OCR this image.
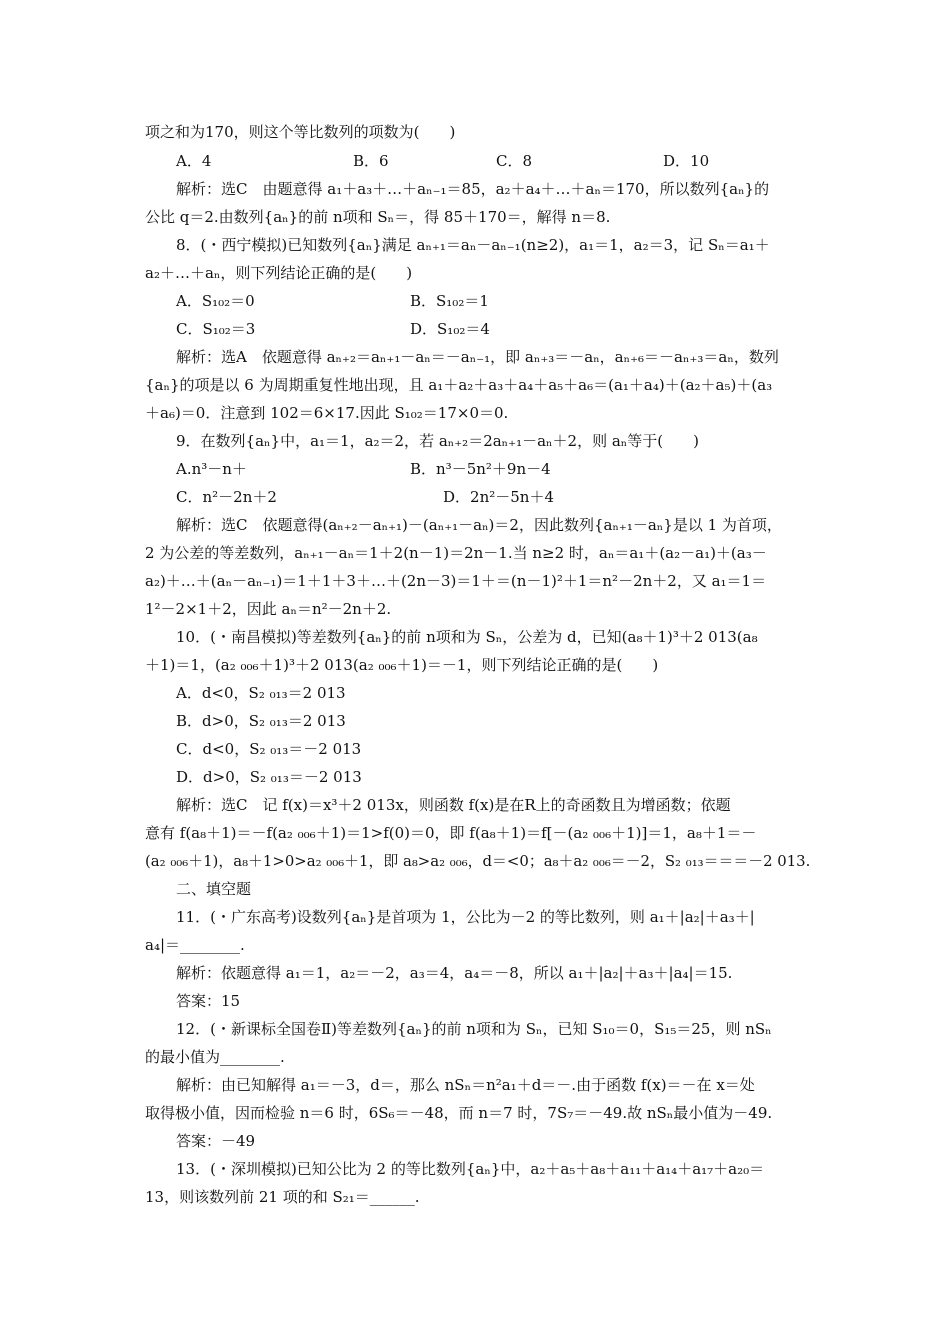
项之和为170，则这个等比数列的项数为(　　)
A．4	B．6	C．8	D．10
解析：选C　由题意得 a₁＋a₃＋…＋aₙ₋₁＝85，a₂＋a₄＋…＋aₙ＝170，所以数列{aₙ}的
公比 q＝2.由数列{aₙ}的前 n项和 Sₙ＝，得 85＋170＝，解得 n＝8.
8．(・西宁模拟)已知数列{aₙ}满足 aₙ₊₁＝aₙ－aₙ₋₁(n≥2)，a₁＝1，a₂＝3，记 Sₙ＝a₁＋
a₂＋…＋aₙ，则下列结论正确的是(　　)
A．S₁₀₂＝0	B．S₁₀₂＝1
C．S₁₀₂＝3	D．S₁₀₂＝4
解析：选A　依题意得 aₙ₊₂＝aₙ₊₁－aₙ＝－aₙ₋₁，即 aₙ₊₃＝－aₙ，aₙ₊₆＝－aₙ₊₃＝aₙ，数列
{aₙ}的项是以 6 为周期重复性地出现，且 a₁＋a₂＋a₃＋a₄＋a₅＋a₆＝(a₁＋a₄)＋(a₂＋a₅)＋(a₃
＋a₆)＝0．注意到 102＝6×17.因此 S₁₀₂＝17×0＝0.
9．在数列{aₙ}中，a₁＝1，a₂＝2，若 aₙ₊₂＝2aₙ₊₁－aₙ＋2，则 aₙ等于(　　)
A.n³－n＋	B．n³－5n²＋9n－4
C．n²－2n＋2	D．2n²－5n＋4
解析：选C　依题意得(aₙ₊₂－aₙ₊₁)－(aₙ₊₁－aₙ)＝2，因此数列{aₙ₊₁－aₙ}是以 1 为首项，
2 为公差的等差数列，aₙ₊₁－aₙ＝1＋2(n－1)＝2n－1.当 n≥2 时，aₙ＝a₁＋(a₂－a₁)＋(a₃－
a₂)＋…＋(aₙ－aₙ₋₁)＝1＋1＋3＋…＋(2n－3)＝1＋＝(n－1)²＋1＝n²－2n＋2，又 a₁＝1＝
1²－2×1＋2，因此 aₙ＝n²－2n＋2.
10．(・南昌模拟)等差数列{aₙ}的前 n项和为 Sₙ，公差为 d，已知(a₈＋1)³＋2 013(a₈
＋1)＝1，(a₂ ₀₀₆＋1)³＋2 013(a₂ ₀₀₆＋1)＝－1，则下列结论正确的是(　　)
A．d<0，S₂ ₀₁₃＝2 013
B．d>0，S₂ ₀₁₃＝2 013
C．d<0，S₂ ₀₁₃＝－2 013
D．d>0，S₂ ₀₁₃＝－2 013
解析：选C　记 f(x)＝x³＋2 013x，则函数 f(x)是在R上的奇函数且为增函数；依题
意有 f(a₈＋1)＝－f(a₂ ₀₀₆＋1)＝1>f(0)＝0，即 f(a₈＋1)＝f[－(a₂ ₀₀₆＋1)]＝1，a₈＋1＝－
(a₂ ₀₀₆＋1)，a₈＋1>0>a₂ ₀₀₆＋1，即 a₈>a₂ ₀₀₆，d＝<0；a₈＋a₂ ₀₀₆＝－2，S₂ ₀₁₃＝＝＝－2 013.
二、填空题
11．(・广东高考)设数列{aₙ}是首项为 1，公比为－2 的等比数列，则 a₁＋|a₂|＋a₃＋|
a₄|＝________.
解析：依题意得 a₁＝1，a₂＝－2，a₃＝4，a₄＝－8，所以 a₁＋|a₂|＋a₃＋|a₄|＝15.
答案：15
12．(・新课标全国卷Ⅱ)等差数列{aₙ}的前 n项和为 Sₙ，已知 S₁₀＝0，S₁₅＝25，则 nSₙ
的最小值为________.
解析：由已知解得 a₁＝－3，d＝，那么 nSₙ＝n²a₁＋d＝－.由于函数 f(x)＝－在 x＝处
取得极小值，因而检验 n＝6 时，6S₆＝－48，而 n＝7 时，7S₇＝－49.故 nSₙ最小值为－49.
答案：－49
13．(・深圳模拟)已知公比为 2 的等比数列{aₙ}中，a₂＋a₅＋a₈＋a₁₁＋a₁₄＋a₁₇＋a₂₀＝
13，则该数列前 21 项的和 S₂₁＝______.
